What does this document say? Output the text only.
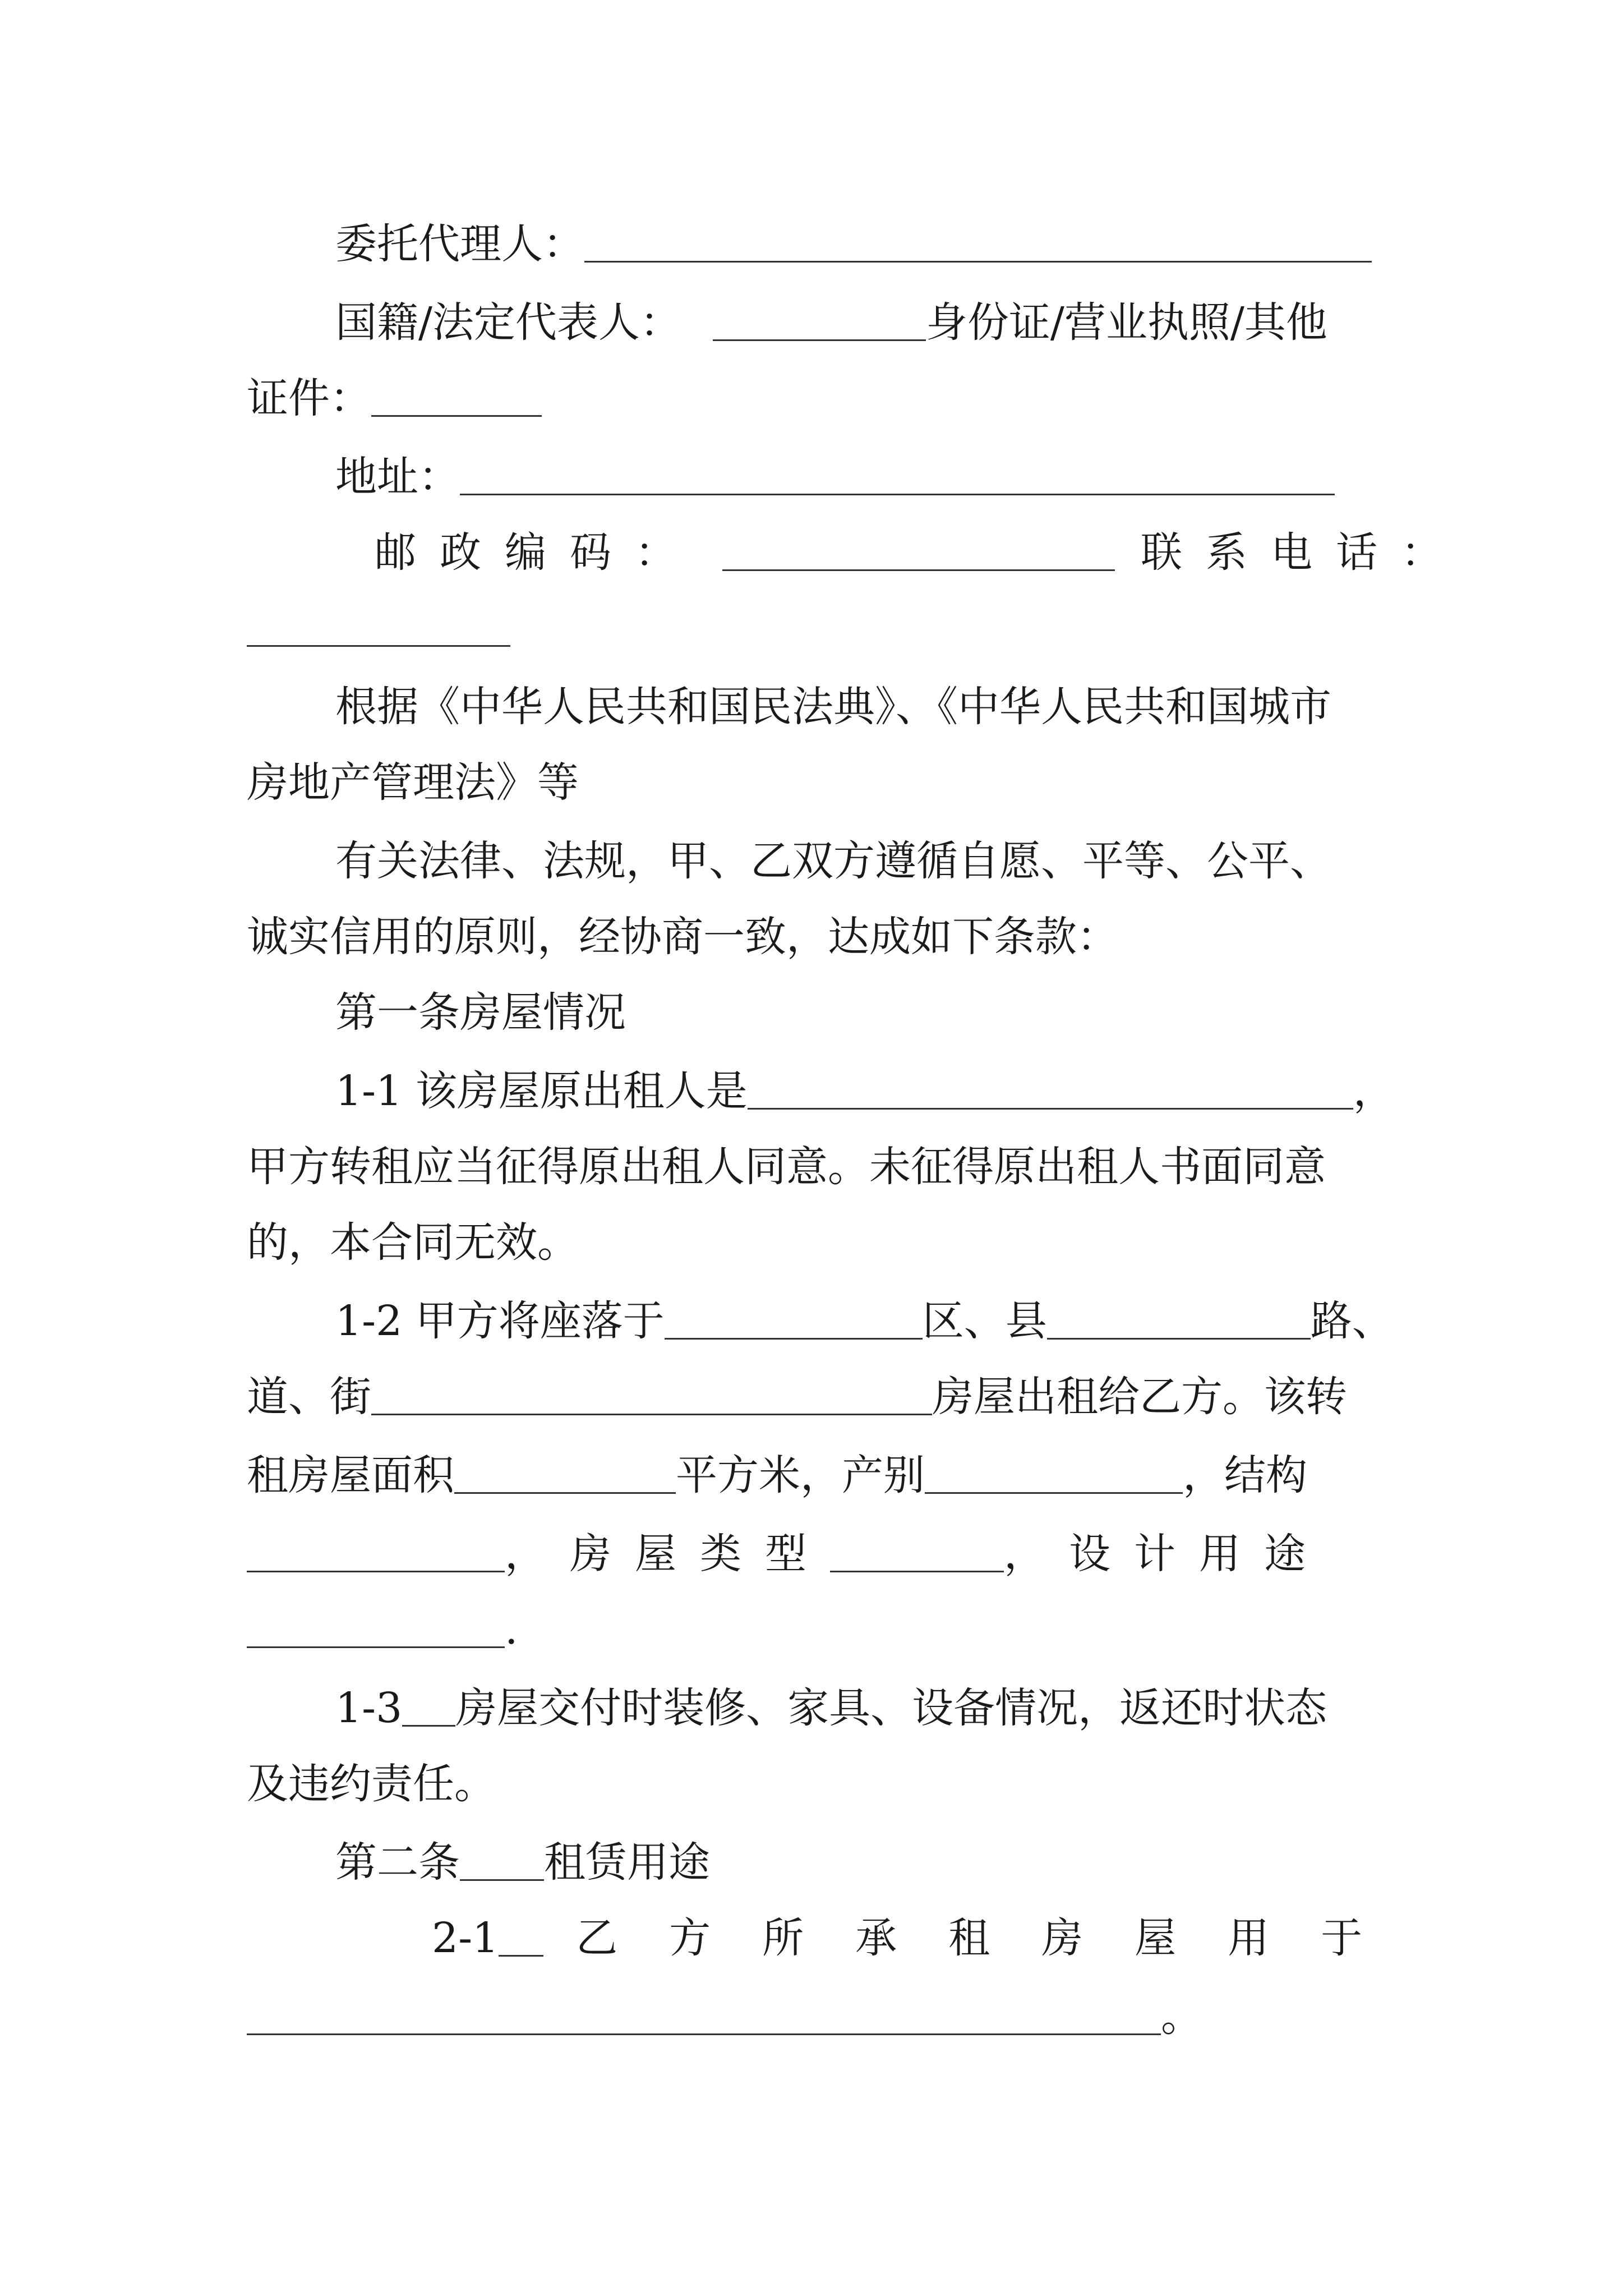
委托代理人：
国籍/法定代表人：	身份证/营业执照/其他
证件：
地址：
邮政编码：	联系电话：
根据《中华人民共和国民法典》、《中华人民共和国城市
房地产管理法》等
有关法律、法规，甲、乙双方遵循自愿、平等、公平、
诚实信用的原则，经协商一致，达成如下条款：
第一条房屋情况
1-1 该房屋原出租人是	，
甲方转租应当征得原出租人同意。未征得原出租人书面同意
的，本合同无效。
1-2 甲方将座落于	区、县	路、
道、街	房屋出租给乙方。该转
租房屋面积	平方米，产别	，结构
，房屋类型	，设计用途
.
1-3 房屋交付时装修、家具、设备情况，返还时状态
及违约责任。
第二条 租赁用途
2-1 乙方所承租房屋用于
。
